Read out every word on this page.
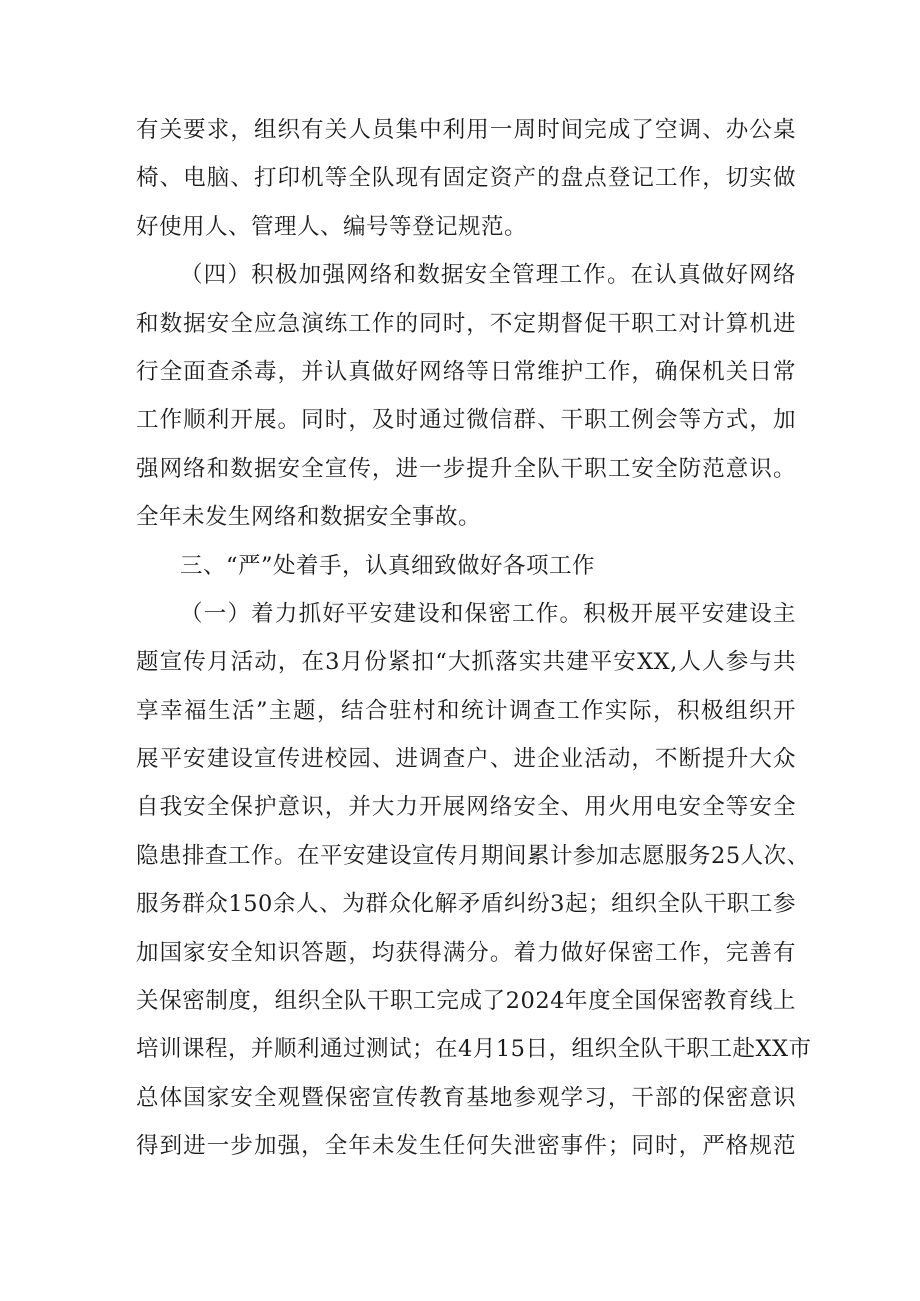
有关要求，组织有关人员集中利用一周时间完成了空调、办公桌
椅、电脑、打印机等全队现有固定资产的盘点登记工作，切实做
好使用人、管理人、编号等登记规范。
（四）积极加强网络和数据安全管理工作。在认真做好网络
和数据安全应急演练工作的同时，不定期督促干职工对计算机进
行全面查杀毒，并认真做好网络等日常维护工作，确保机关日常
工作顺利开展。同时，及时通过微信群、干职工例会等方式，加
强网络和数据安全宣传，进一步提升全队干职工安全防范意识。
全年未发生网络和数据安全事故。
三、“严”处着手，认真细致做好各项工作
（一）着力抓好平安建设和保密工作。积极开展平安建设主
题宣传月活动，在3月份紧扣“大抓落实共建平安XX,人人参与共
享幸福生活”主题，结合驻村和统计调查工作实际，积极组织开
展平安建设宣传进校园、进调查户、进企业活动，不断提升大众
自我安全保护意识，并大力开展网络安全、用火用电安全等安全
隐患排查工作。在平安建设宣传月期间累计参加志愿服务25人次、
服务群众150余人、为群众化解矛盾纠纷3起；组织全队干职工参
加国家安全知识答题，均获得满分。着力做好保密工作，完善有
关保密制度，组织全队干职工完成了2024年度全国保密教育线上
培训课程，并顺利通过测试；在4月15日，组织全队干职工赴XX市
总体国家安全观暨保密宣传教育基地参观学习，干部的保密意识
得到进一步加强，全年未发生任何失泄密事件；同时，严格规范
